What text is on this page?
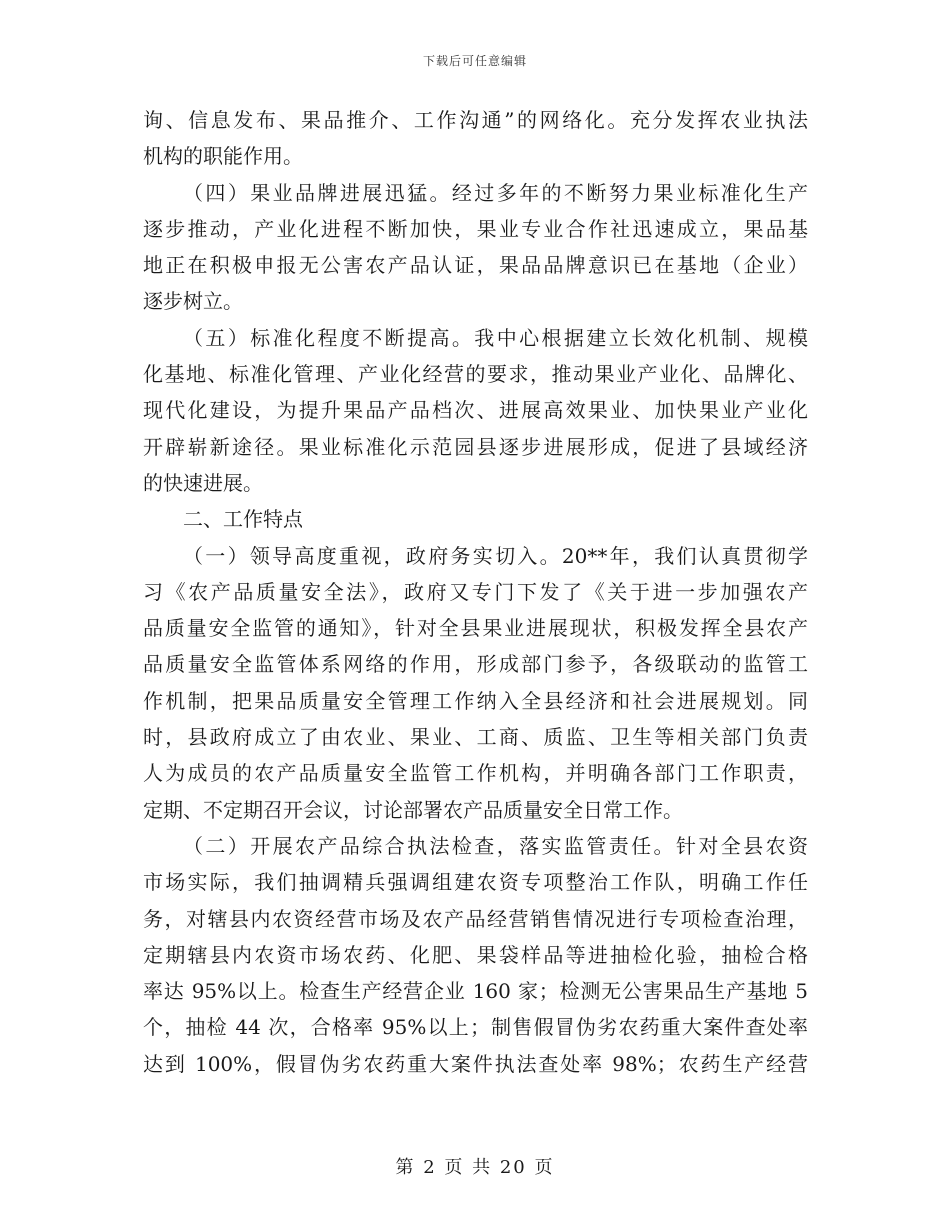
下载后可任意编辑
询、信息发布、果品推介、工作沟通”的网络化。充分发挥农业执法
机构的职能作用。
（四）果业品牌进展迅猛。经过多年的不断努力果业标准化生产
逐步推动，产业化进程不断加快，果业专业合作社迅速成立，果品基
地正在积极申报无公害农产品认证，果品品牌意识已在基地（企业）
逐步树立。
（五）标准化程度不断提高。我中心根据建立长效化机制、规模
化基地、标准化管理、产业化经营的要求，推动果业产业化、品牌化、
现代化建设，为提升果品产品档次、进展高效果业、加快果业产业化
开辟崭新途径。果业标准化示范园县逐步进展形成，促进了县域经济
的快速进展。
二、工作特点
（一）领导高度重视，政府务实切入。20**年，我们认真贯彻学
习《农产品质量安全法》，政府又专门下发了《关于进一步加强农产
品质量安全监管的通知》，针对全县果业进展现状，积极发挥全县农产
品质量安全监管体系网络的作用，形成部门参予，各级联动的监管工
作机制，把果品质量安全管理工作纳入全县经济和社会进展规划。同
时，县政府成立了由农业、果业、工商、质监、卫生等相关部门负责
人为成员的农产品质量安全监管工作机构，并明确各部门工作职责，
定期、不定期召开会议，讨论部署农产品质量安全日常工作。
（二）开展农产品综合执法检查，落实监管责任。针对全县农资
市场实际，我们抽调精兵强调组建农资专项整治工作队，明确工作任
务，对辖县内农资经营市场及农产品经营销售情况进行专项检查治理，
定期辖县内农资市场农药、化肥、果袋样品等进抽检化验，抽检合格
率达 95%以上。检查生产经营企业 160 家；检测无公害果品生产基地 5
个，抽检 44 次，合格率 95%以上；制售假冒伪劣农药重大案件查处率
达到 100%，假冒伪劣农药重大案件执法查处率 98%；农药生产经营
第 2 页 共 20 页
